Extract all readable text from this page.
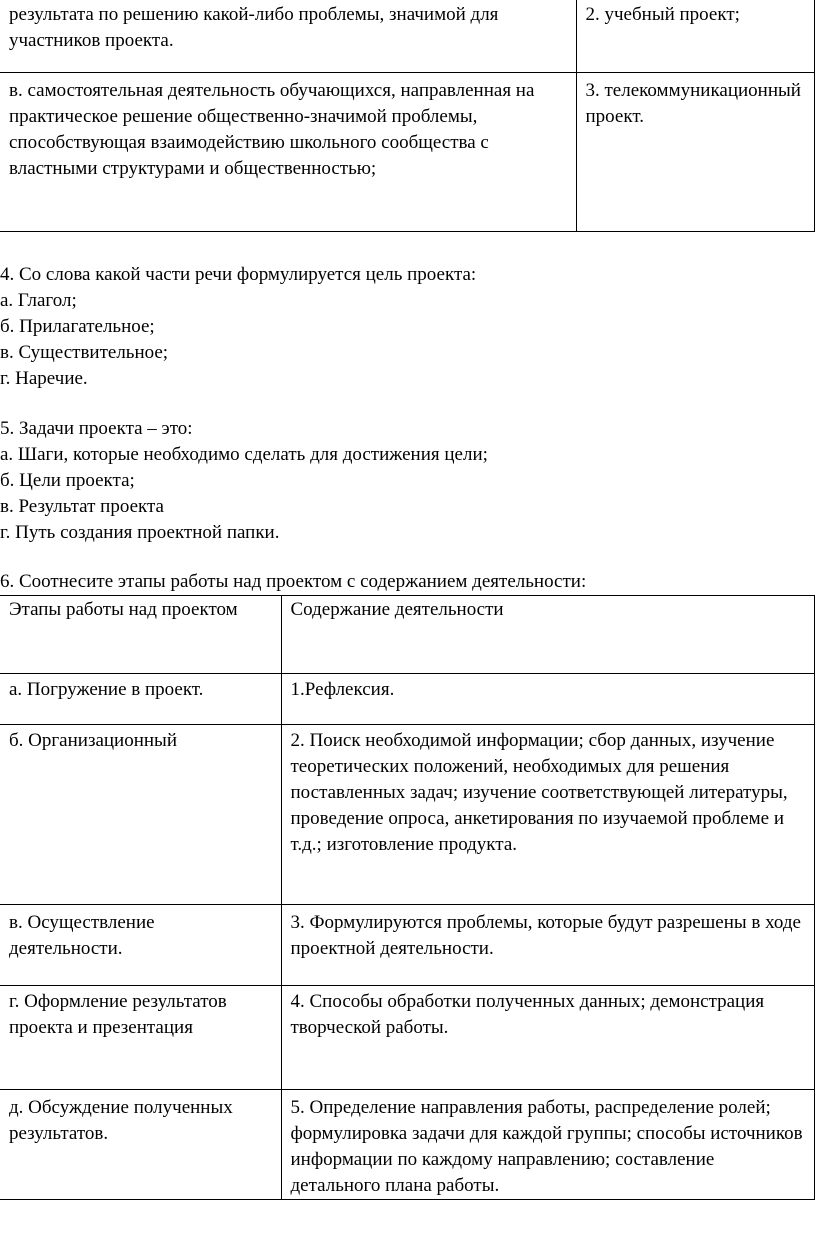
результата по решению какой-либо проблемы, значимой для участников проекта.	2. учебный проект;
в. самостоятельная деятельность обучающихся, направленная на практическое решение общественно-значимой проблемы, способствующая взаимодействию школьного сообщества с властными структурами и общественностью;	3. телекоммуникационный проект.

4. Со слова какой части речи формулируется цель проекта:

а. Глагол;

б. Прилагательное;

в. Существительное;

г. Наречие.

5. Задачи проекта – это:

а. Шаги, которые необходимо сделать для достижения цели;

б. Цели проекта;

в. Результат проекта

г. Путь создания проектной папки.

6. Соотнесите этапы работы над проектом с содержанием деятельности:

Этапы работы над проектом	Содержание деятельности
а. Погружение в проект.	1.Рефлексия.
б. Организационный	2. Поиск необходимой информации; сбор данных, изучение теоретических положений, необходимых для решения поставленных задач; изучение соответствующей литературы, проведение опроса, анкетирования по изучаемой проблеме и т.д.; изготовление продукта.
в. Осуществление деятельности.	3. Формулируются проблемы, которые будут разрешены в ходе проектной деятельности.
г. Оформление результатов проекта и презентация	4. Способы обработки полученных данных; демонстрация творческой работы.
д. Обсуждение полученных результатов.	5. Определение направления работы, распределение ролей; формулировка задачи для каждой группы; способы источников информации по каждому направлению; составление детального плана работы.
